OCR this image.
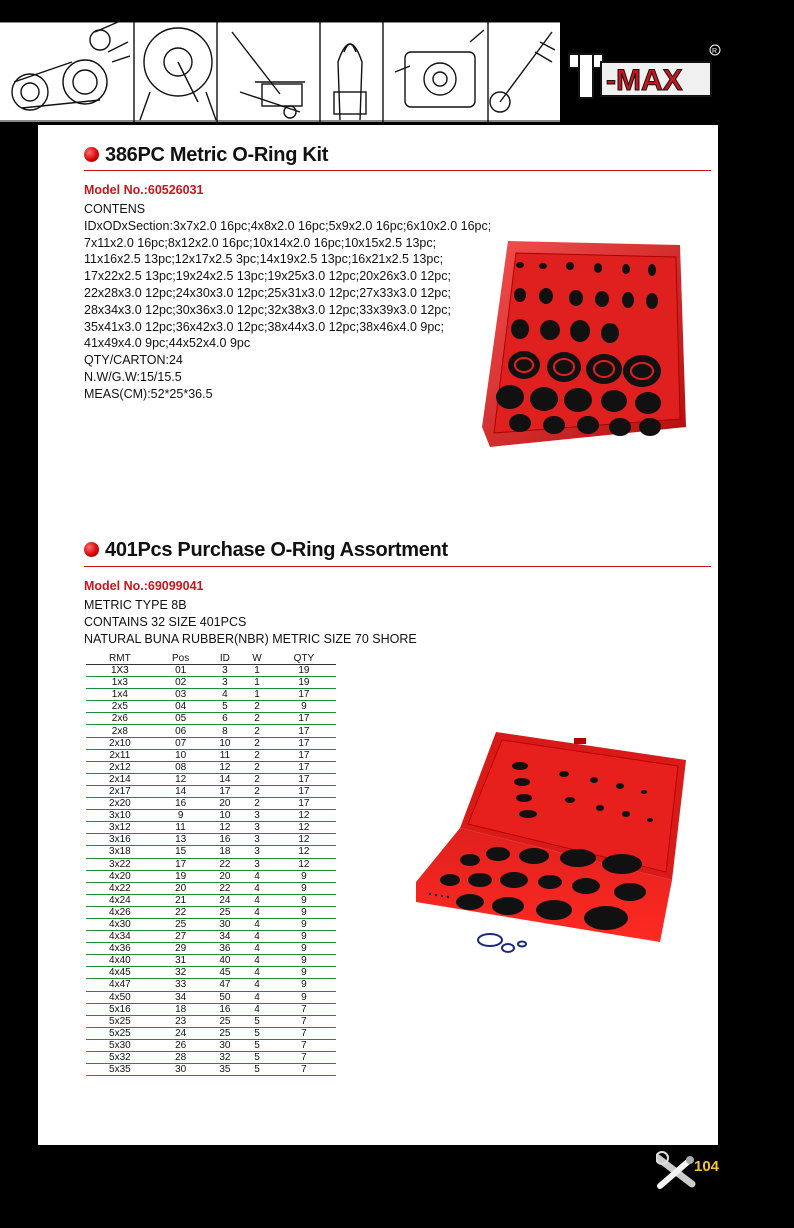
-MAX
R
386PC Metric O-Ring Kit
Model No.:60526031
CONTENS
IDxODxSection:3x7x2.0 16pc;4x8x2.0 16pc;5x9x2.0 16pc;6x10x2.0 16pc;
7x11x2.0 16pc;8x12x2.0 16pc;10x14x2.0 16pc;10x15x2.5 13pc;
11x16x2.5 13pc;12x17x2.5 3pc;14x19x2.5 13pc;16x21x2.5 13pc;
17x22x2.5 13pc;19x24x2.5 13pc;19x25x3.0 12pc;20x26x3.0 12pc;
22x28x3.0 12pc;24x30x3.0 12pc;25x31x3.0 12pc;27x33x3.0 12pc;
28x34x3.0 12pc;30x36x3.0 12pc;32x38x3.0 12pc;33x39x3.0 12pc;
35x41x3.0 12pc;36x42x3.0 12pc;38x44x3.0 12pc;38x46x4.0 9pc;
41x49x4.0 9pc;44x52x4.0 9pc
QTY/CARTON:24
N.W/G.W:15/15.5
MEAS(CM):52*25*36.5
401Pcs Purchase O-Ring Assortment
Model No.:69099041
METRIC TYPE 8B
CONTAINS 32 SIZE 401PCS
NATURAL BUNA RUBBER(NBR) METRIC SIZE 70 SHORE
RMT	Pos	ID	W	QTY
1X3	01	3	1	19
1x3	02	3	1	19
1x4	03	4	1	17
2x5	04	5	2	9
2x6	05	6	2	17
2x8	06	8	2	17
2x10	07	10	2	17
2x11	10	11	2	17
2x12	08	12	2	17
2x14	12	14	2	17
2x17	14	17	2	17
2x20	16	20	2	17
3x10	9	10	3	12
3x12	11	12	3	12
3x16	13	16	3	12
3x18	15	18	3	12
3x22	17	22	3	12
4x20	19	20	4	9
4x22	20	22	4	9
4x24	21	24	4	9
4x26	22	25	4	9
4x30	25	30	4	9
4x34	27	34	4	9
4x36	29	36	4	9
4x40	31	40	4	9
4x45	32	45	4	9
4x47	33	47	4	9
4x50	34	50	4	9
5x16	18	16	4	7
5x25	23	25	5	7
5x25	24	25	5	7
5x30	26	30	5	7
5x32	28	32	5	7
5x35	30	35	5	7
104
